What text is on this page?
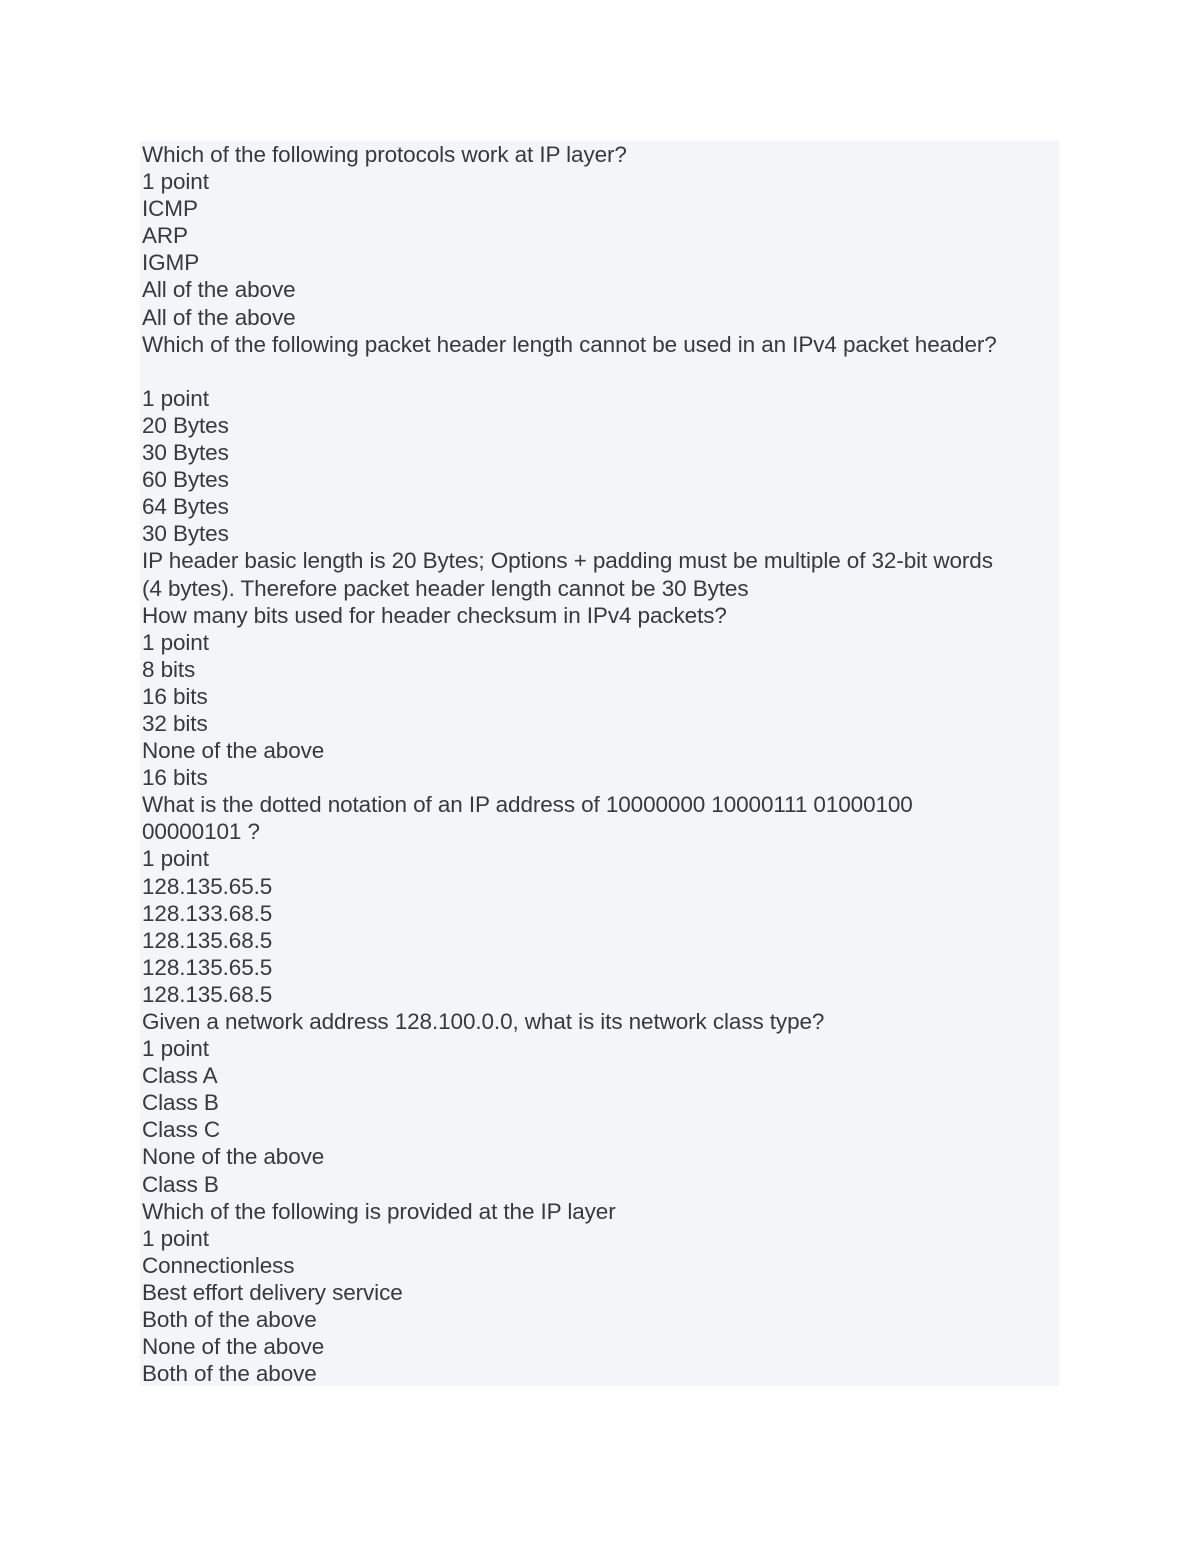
Which of the following protocols work at IP layer?
1 point
ICMP
ARP
IGMP
All of the above
All of the above
Which of the following packet header length cannot be used in an IPv4 packet header?
1 point
20 Bytes
30 Bytes
60 Bytes
64 Bytes
30 Bytes
IP header basic length is 20 Bytes; Options + padding must be multiple of 32-bit words
(4 bytes). Therefore packet header length cannot be 30 Bytes
How many bits used for header checksum in IPv4 packets?
1 point
8 bits
16 bits
32 bits
None of the above
16 bits
What is the dotted notation of an IP address of 10000000 10000111 01000100
00000101 ?
1 point
128.135.65.5
128.133.68.5
128.135.68.5
128.135.65.5
128.135.68.5
Given a network address 128.100.0.0, what is its network class type?
1 point
Class A
Class B
Class C
None of the above
Class B
Which of the following is provided at the IP layer
1 point
Connectionless
Best effort delivery service
Both of the above
None of the above
Both of the above
